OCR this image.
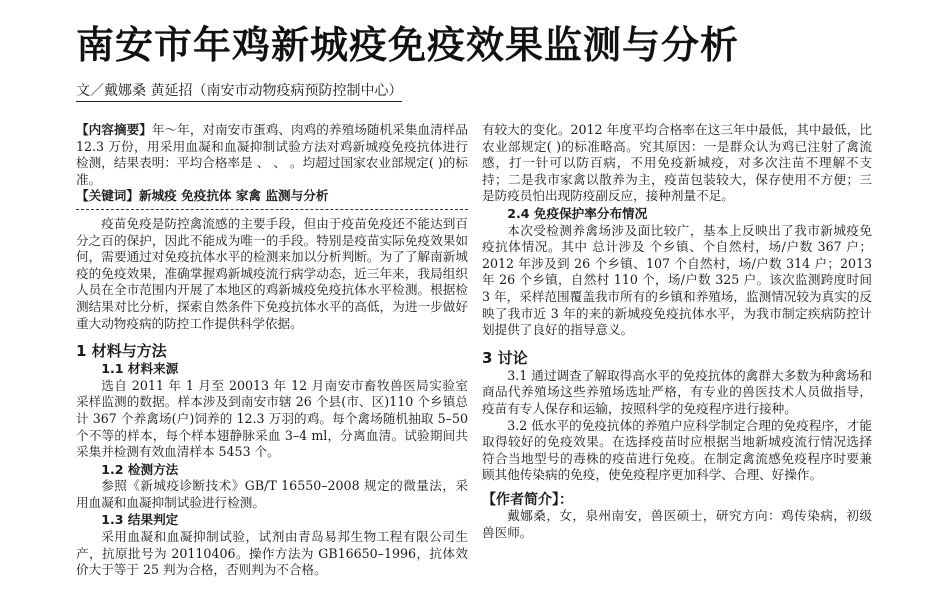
南安市年鸡新城疫免疫效果监测与分析
文／戴娜桑 黄延招（南安市动物疫病预防控制中心）

【内容摘要】年～年，对南安市蛋鸡、肉鸡的养殖场随机采集血清样品 12.3 万份，用采用血凝和血凝抑制试验方法对鸡新城疫免疫抗体进行检测，结果表明：平均合格率是 、 、 。均超过国家农业部规定( )的标准。

【关键词】新城疫 免疫抗体 家禽 监测与分析

疫苗免疫是防控禽流感的主要手段，但由于疫苗免疫还不能达到百分之百的保护，因此不能成为唯一的手段。特别是疫苗实际免疫效果如何，需要通过对免疫抗体水平的检测来加以分析判断。为了了解南新城疫的免疫效果，准确掌握鸡新城疫流行病学动态，近三年来，我局组织人员在全市范围内开展了本地区的鸡新城疫免疫抗体水平检测。根据检测结果对比分析，探索自然条件下免疫抗体水平的高低，为进一步做好重大动物疫病的防控工作提供科学依据。

1 材料与方法
1.1 材料来源

选自 2011 年 1 月至 20013 年 12 月南安市畜牧兽医局实验室采样监测的数据。样本涉及到南安市辖 26 个县(市、区)110 个乡镇总计 367 个养禽场(户)饲养的 12.3 万羽的鸡。每个禽场随机抽取 5–50 个不等的样本，每个样本翅静脉采血 3–4 ml，分离血清。试验期间共采集并检测有效血清样本 5453 个。

1.2 检测方法

参照《新城疫诊断技术》GB/T 16550–2008 规定的微量法，采用血凝和血凝抑制试验进行检测。

1.3 结果判定

采用血凝和血凝抑制试验，试剂由青岛易邦生物工程有限公司生产，抗原批号为 20110406。操作方法为 GB16650–1996，抗体效价大于等于 25 判为合格，否则判为不合格。

有较大的变化。2012 年度平均合格率在这三年中最低，其中最低，比农业部规定( )的标准略高。究其原因：一是群众认为鸡已注射了禽流感，打一针可以防百病，不用免疫新城疫，对多次注苗不理解不支持；二是我市家禽以散养为主，疫苗包装较大，保存使用不方便；三是防疫员怕出现防疫副反应，接种剂量不足。

2.4 免疫保护率分布情况

本次受检测养禽场涉及面比较广，基本上反映出了我市新城疫免疫抗体情况。其中 总计涉及 个乡镇、个自然村，场/户数 367 户；2012 年涉及到 26 个乡镇、107 个自然村，场/户数 314 户；2013 年 26 个乡镇，自然村 110 个，场/户数 325 户。该次监测跨度时间 3 年，采样范围覆盖我市所有的乡镇和养殖场，监测情况较为真实的反映了我市近 3 年的来的新城疫免疫抗体水平，为我市制定疾病防控计划提供了良好的指导意义。

3 讨论

3.1 通过调查了解取得高水平的免疫抗体的禽群大多数为种禽场和商品代养殖场这些养殖场选址严格，有专业的兽医技术人员做指导，疫苗有专人保存和运输，按照科学的免疫程序进行接种。

3.2 低水平的免疫抗体的养殖户应科学制定合理的免疫程序，才能取得较好的免疫效果。在选择疫苗时应根据当地新城疫流行情况选择符合当地型号的毒株的疫苗进行免疫。在制定禽流感免疫程序时要兼顾其他传染病的免疫，使免疫程序更加科学、合理、好操作。

【作者简介】：

戴娜桑，女，泉州南安，兽医硕士，研究方向：鸡传染病，初级兽医师。
